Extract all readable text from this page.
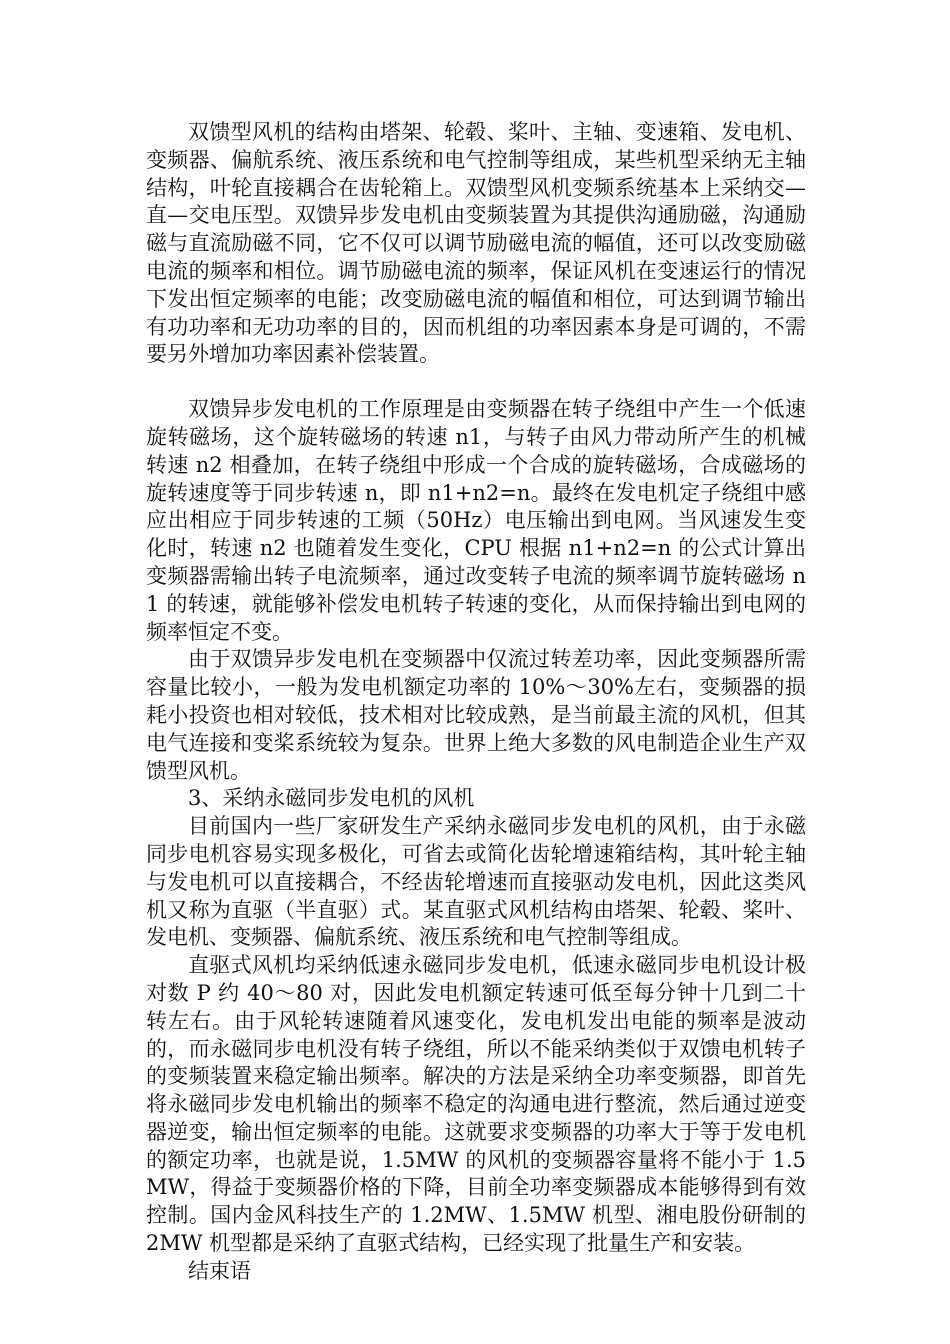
双馈型风机的结构由塔架、轮毂、桨叶、主轴、变速箱、发电机、变频器、偏航系统、液压系统和电气控制等组成，某些机型采纳无主轴结构，叶轮直接耦合在齿轮箱上。双馈型风机变频系统基本上采纳交—直—交电压型。双馈异步发电机由变频装置为其提供沟通励磁，沟通励磁与直流励磁不同，它不仅可以调节励磁电流的幅值，还可以改变励磁电流的频率和相位。调节励磁电流的频率，保证风机在变速运行的情况下发出恒定频率的电能；改变励磁电流的幅值和相位，可达到调节输出有功功率和无功功率的目的，因而机组的功率因素本身是可调的，不需要另外增加功率因素补偿装置。

双馈异步发电机的工作原理是由变频器在转子绕组中产生一个低速旋转磁场，这个旋转磁场的转速 n1，与转子由风力带动所产生的机械转速 n2 相叠加，在转子绕组中形成一个合成的旋转磁场，合成磁场的旋转速度等于同步转速 n，即 n1+n2=n。最终在发电机定子绕组中感应出相应于同步转速的工频（50Hz）电压输出到电网。当风速发生变化时，转速 n2 也随着发生变化，CPU 根据 n1+n2=n 的公式计算出变频器需输出转子电流频率，通过改变转子电流的频率调节旋转磁场 n1 的转速，就能够补偿发电机转子转速的变化，从而保持输出到电网的频率恒定不变。

由于双馈异步发电机在变频器中仅流过转差功率，因此变频器所需容量比较小，一般为发电机额定功率的 10%～30%左右，变频器的损耗小投资也相对较低，技术相对比较成熟，是当前最主流的风机，但其电气连接和变桨系统较为复杂。世界上绝大多数的风电制造企业生产双馈型风机。

3、采纳永磁同步发电机的风机

目前国内一些厂家研发生产采纳永磁同步发电机的风机，由于永磁同步电机容易实现多极化，可省去或简化齿轮增速箱结构，其叶轮主轴与发电机可以直接耦合，不经齿轮增速而直接驱动发电机，因此这类风机又称为直驱（半直驱）式。某直驱式风机结构由塔架、轮毂、桨叶、发电机、变频器、偏航系统、液压系统和电气控制等组成。

直驱式风机均采纳低速永磁同步发电机，低速永磁同步电机设计极对数 P 约 40～80 对，因此发电机额定转速可低至每分钟十几到二十转左右。由于风轮转速随着风速变化，发电机发出电能的频率是波动的，而永磁同步电机没有转子绕组，所以不能采纳类似于双馈电机转子的变频装置来稳定输出频率。解决的方法是采纳全功率变频器，即首先将永磁同步发电机输出的频率不稳定的沟通电进行整流，然后通过逆变器逆变，输出恒定频率的电能。这就要求变频器的功率大于等于发电机的额定功率，也就是说，1.5MW 的风机的变频器容量将不能小于 1.5MW，得益于变频器价格的下降，目前全功率变频器成本能够得到有效控制。国内金风科技生产的 1.2MW、1.5MW 机型、湘电股份研制的 2MW 机型都是采纳了直驱式结构，已经实现了批量生产和安装。

结束语
